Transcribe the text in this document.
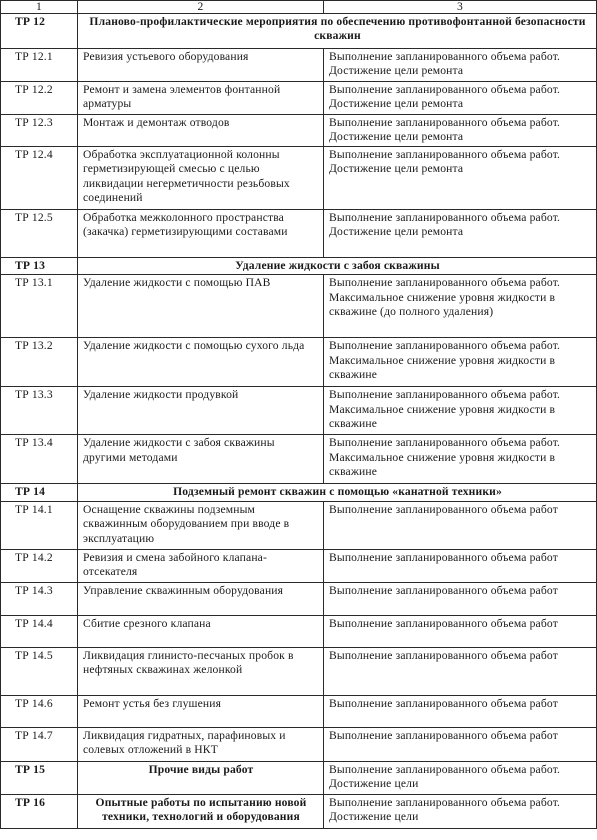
1	2	3
ТР 12	Планово-профилактические мероприятия по обеспечению противофонтанной безопасности скважин	
ТР 12.1	Ревизия устьевого оборудования	Выполнение запланированного объема работ. Достижение цели ремонта
ТР 12.2	Ремонт и замена элементов фонтанной арматуры	Выполнение запланированного объема работ. Достижение цели ремонта
ТР 12.3	Монтаж и демонтаж отводов	Выполнение запланированного объема работ. Достижение цели ремонта
ТР 12.4	Обработка эксплуатационной колонны герметизирующей смесью с целью ликвидации негерметичности резьбовых соединений	Выполнение запланированного объема работ. Достижение цели ремонта
ТР 12.5	Обработка межколонного пространства (закачка) герметизирующими составами	Выполнение запланированного объема работ. Достижение цели ремонта
ТР 13	Удаление жидкости с забоя скважины	
ТР 13.1	Удаление жидкости с помощью ПАВ	Выполнение запланированного объема работ. Максимальное снижение уровня жидкости в скважине (до полного удаления)
ТР 13.2	Удаление жидкости с помощью сухого льда	Выполнение запланированного объема работ. Максимальное снижение уровня жидкости в скважине
ТР 13.3	Удаление жидкости продувкой	Выполнение запланированного объема работ. Максимальное снижение уровня жидкости в скважине
ТР 13.4	Удаление жидкости с забоя скважины другими методами	Выполнение запланированного объема работ. Максимальное снижение уровня жидкости в скважине
ТР 14	Подземный ремонт скважин с помощью «канатной техники»	
ТР 14.1	Оснащение скважины подземным скважинным оборудованием при вводе в эксплуатацию	Выполнение запланированного объема работ
ТР 14.2	Ревизия и смена забойного клапана-отсекателя	Выполнение запланированного объема работ
ТР 14.3	Управление скважинным оборудования	Выполнение запланированного объема работ
ТР 14.4	Сбитие срезного клапана	Выполнение запланированного объема работ
ТР 14.5	Ликвидация глинисто-песчаных пробок в нефтяных скважинах желонкой	Выполнение запланированного объема работ
ТР 14.6	Ремонт устья без глушения	Выполнение запланированного объема работ
ТР 14.7	Ликвидация гидратных, парафиновых и солевых отложений в НКТ	Выполнение запланированного объема работ
ТР 15	Прочие виды работ	Выполнение запланированного объема работ. Достижение цели
ТР 16	Опытные работы по испытанию новой техники, технологий и оборудования	Выполнение запланированного объема работ. Достижение цели
